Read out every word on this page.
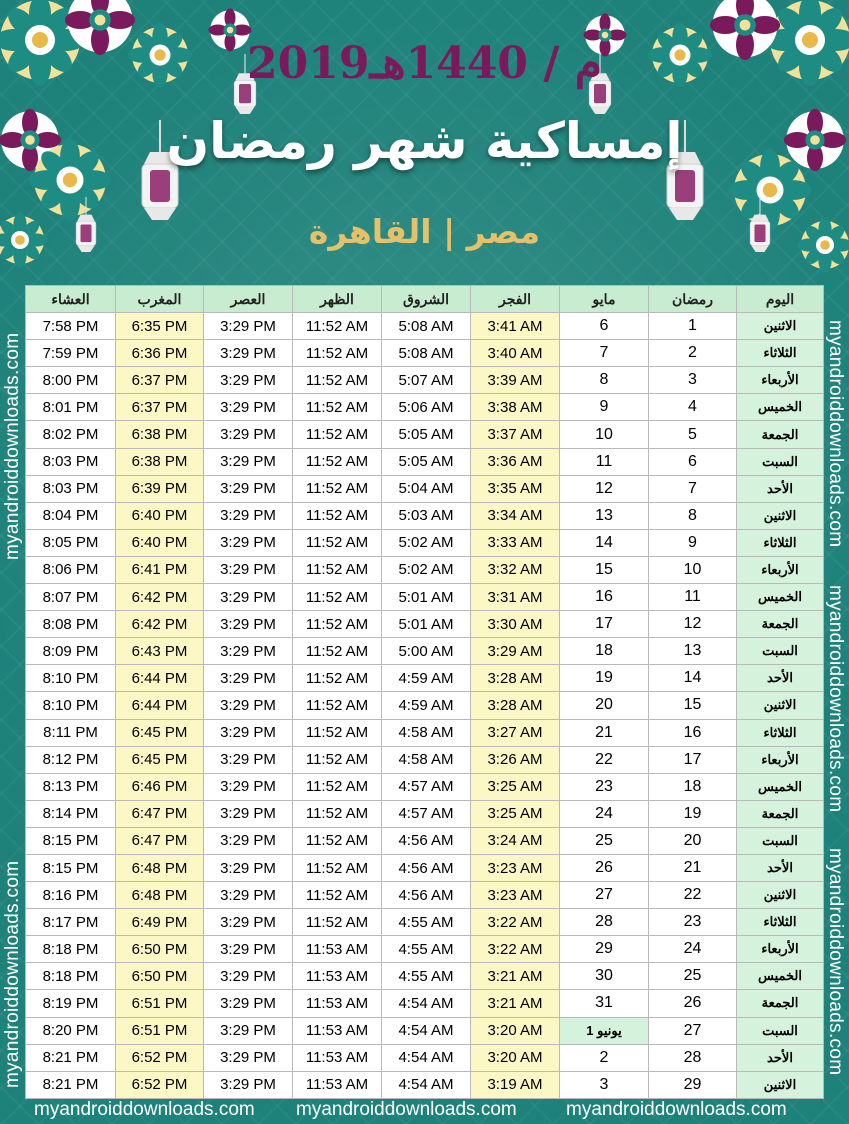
2019م / 1440هـ
إمساكية شهر رمضان
مصر | القاهرة
myandroiddownloads.com
myandroiddownloads.com
myandroiddownloads.com
myandroiddownloads.com
myandroiddownloads.com
العشاء	المغرب	العصر	الظهر	الشروق	الفجر	مايو	رمضان	اليوم
7:58 PM	6:35 PM	3:29 PM	11:52 AM	5:08 AM	3:41 AM	6	1	الاثنين
7:59 PM	6:36 PM	3:29 PM	11:52 AM	5:08 AM	3:40 AM	7	2	الثلاثاء
8:00 PM	6:37 PM	3:29 PM	11:52 AM	5:07 AM	3:39 AM	8	3	الأربعاء
8:01 PM	6:37 PM	3:29 PM	11:52 AM	5:06 AM	3:38 AM	9	4	الخميس
8:02 PM	6:38 PM	3:29 PM	11:52 AM	5:05 AM	3:37 AM	10	5	الجمعة
8:03 PM	6:38 PM	3:29 PM	11:52 AM	5:05 AM	3:36 AM	11	6	السبت
8:03 PM	6:39 PM	3:29 PM	11:52 AM	5:04 AM	3:35 AM	12	7	الأحد
8:04 PM	6:40 PM	3:29 PM	11:52 AM	5:03 AM	3:34 AM	13	8	الاثنين
8:05 PM	6:40 PM	3:29 PM	11:52 AM	5:02 AM	3:33 AM	14	9	الثلاثاء
8:06 PM	6:41 PM	3:29 PM	11:52 AM	5:02 AM	3:32 AM	15	10	الأربعاء
8:07 PM	6:42 PM	3:29 PM	11:52 AM	5:01 AM	3:31 AM	16	11	الخميس
8:08 PM	6:42 PM	3:29 PM	11:52 AM	5:01 AM	3:30 AM	17	12	الجمعة
8:09 PM	6:43 PM	3:29 PM	11:52 AM	5:00 AM	3:29 AM	18	13	السبت
8:10 PM	6:44 PM	3:29 PM	11:52 AM	4:59 AM	3:28 AM	19	14	الأحد
8:10 PM	6:44 PM	3:29 PM	11:52 AM	4:59 AM	3:28 AM	20	15	الاثنين
8:11 PM	6:45 PM	3:29 PM	11:52 AM	4:58 AM	3:27 AM	21	16	الثلاثاء
8:12 PM	6:45 PM	3:29 PM	11:52 AM	4:58 AM	3:26 AM	22	17	الأربعاء
8:13 PM	6:46 PM	3:29 PM	11:52 AM	4:57 AM	3:25 AM	23	18	الخميس
8:14 PM	6:47 PM	3:29 PM	11:52 AM	4:57 AM	3:25 AM	24	19	الجمعة
8:15 PM	6:47 PM	3:29 PM	11:52 AM	4:56 AM	3:24 AM	25	20	السبت
8:15 PM	6:48 PM	3:29 PM	11:52 AM	4:56 AM	3:23 AM	26	21	الأحد
8:16 PM	6:48 PM	3:29 PM	11:52 AM	4:56 AM	3:23 AM	27	22	الاثنين
8:17 PM	6:49 PM	3:29 PM	11:52 AM	4:55 AM	3:22 AM	28	23	الثلاثاء
8:18 PM	6:50 PM	3:29 PM	11:53 AM	4:55 AM	3:22 AM	29	24	الأربعاء
8:18 PM	6:50 PM	3:29 PM	11:53 AM	4:55 AM	3:21 AM	30	25	الخميس
8:19 PM	6:51 PM	3:29 PM	11:53 AM	4:54 AM	3:21 AM	31	26	الجمعة
8:20 PM	6:51 PM	3:29 PM	11:53 AM	4:54 AM	3:20 AM	1 يونيو	27	السبت
8:21 PM	6:52 PM	3:29 PM	11:53 AM	4:54 AM	3:20 AM	2	28	الأحد
8:21 PM	6:52 PM	3:29 PM	11:53 AM	4:54 AM	3:19 AM	3	29	الاثنين
myandroiddownloads.com myandroiddownloads.com	myandroiddownloads.com
